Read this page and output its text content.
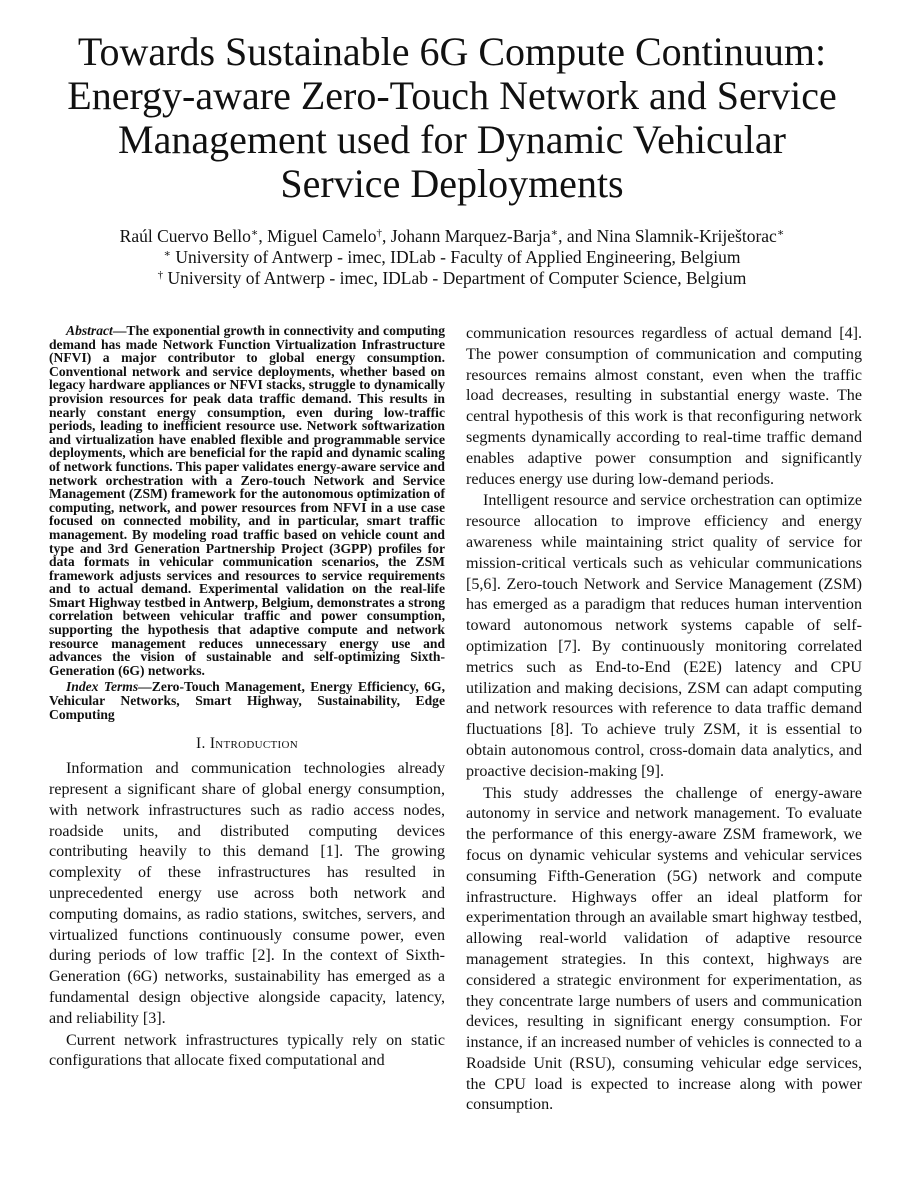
Towards Sustainable 6G Compute Continuum:
Energy-aware Zero-Touch Network and Service
Management used for Dynamic Vehicular
Service Deployments
Raúl Cuervo Bello∗, Miguel Camelo†, Johann Marquez-Barja∗, and Nina Slamnik-Kriještorac∗
∗ University of Antwerp - imec, IDLab - Faculty of Applied Engineering, Belgium
† University of Antwerp - imec, IDLab - Department of Computer Science, Belgium

Abstract—The exponential growth in connectivity and computing demand has made Network Function Virtualization Infrastructure (NFVI) a major contributor to global energy consumption. Conventional network and service deployments, whether based on legacy hardware appliances or NFVI stacks, struggle to dynamically provision resources for peak data traffic demand. This results in nearly constant energy consumption, even during low-traffic periods, leading to inefficient resource use. Network softwarization and virtualization have enabled flexible and programmable service deployments, which are beneficial for the rapid and dynamic scaling of network functions. This paper validates energy-aware service and network orchestration with a Zero-touch Network and Service Management (ZSM) framework for the autonomous optimization of computing, network, and power resources from NFVI in a use case focused on connected mobility, and in particular, smart traffic management. By modeling road traffic based on vehicle count and type and 3rd Generation Partnership Project (3GPP) profiles for data formats in vehicular communication scenarios, the ZSM framework adjusts services and resources to service requirements and to actual demand. Experimental validation on the real-life Smart Highway testbed in Antwerp, Belgium, demonstrates a strong correlation between vehicular traffic and power consumption, supporting the hypothesis that adaptive compute and network resource management reduces unnecessary energy use and advances the vision of sustainable and self-optimizing Sixth-Generation (6G) networks.

Index Terms—Zero-Touch Management, Energy Efficiency, 6G, Vehicular Networks, Smart Highway, Sustainability, Edge Computing

I. Introduction

Information and communication technologies already represent a significant share of global energy consumption, with network infrastructures such as radio access nodes, roadside units, and distributed computing devices contributing heavily to this demand [1]. The growing complexity of these infrastructures has resulted in unprecedented energy use across both network and computing domains, as radio stations, switches, servers, and virtualized functions continuously consume power, even during periods of low traffic [2]. In the context of Sixth-Generation (6G) networks, sustainability has emerged as a fundamental design objective alongside capacity, latency, and reliability [3].

Current network infrastructures typically rely on static configurations that allocate fixed computational and

communication resources regardless of actual demand [4]. The power consumption of communication and computing resources remains almost constant, even when the traffic load decreases, resulting in substantial energy waste. The central hypothesis of this work is that reconfiguring network segments dynamically according to real-time traffic demand enables adaptive power consumption and significantly reduces energy use during low-demand periods.

Intelligent resource and service orchestration can optimize resource allocation to improve efficiency and energy awareness while maintaining strict quality of service for mission-critical verticals such as vehicular communications [5,6]. Zero-touch Network and Service Management (ZSM) has emerged as a paradigm that reduces human intervention toward autonomous network systems capable of self-optimization [7]. By continuously monitoring correlated metrics such as End-to-End (E2E) latency and CPU utilization and making decisions, ZSM can adapt computing and network resources with reference to data traffic demand fluctuations [8]. To achieve truly ZSM, it is essential to obtain autonomous control, cross-domain data analytics, and proactive decision-making [9].

This study addresses the challenge of energy-aware autonomy in service and network management. To evaluate the performance of this energy-aware ZSM framework, we focus on dynamic vehicular systems and vehicular services consuming Fifth-Generation (5G) network and compute infrastructure. Highways offer an ideal platform for experimentation through an available smart highway testbed, allowing real-world validation of adaptive resource management strategies. In this context, highways are considered a strategic environment for experimentation, as they concentrate large numbers of users and communication devices, resulting in significant energy consumption. For instance, if an increased number of vehicles is connected to a Roadside Unit (RSU), consuming vehicular edge services, the CPU load is expected to increase along with power consumption.
